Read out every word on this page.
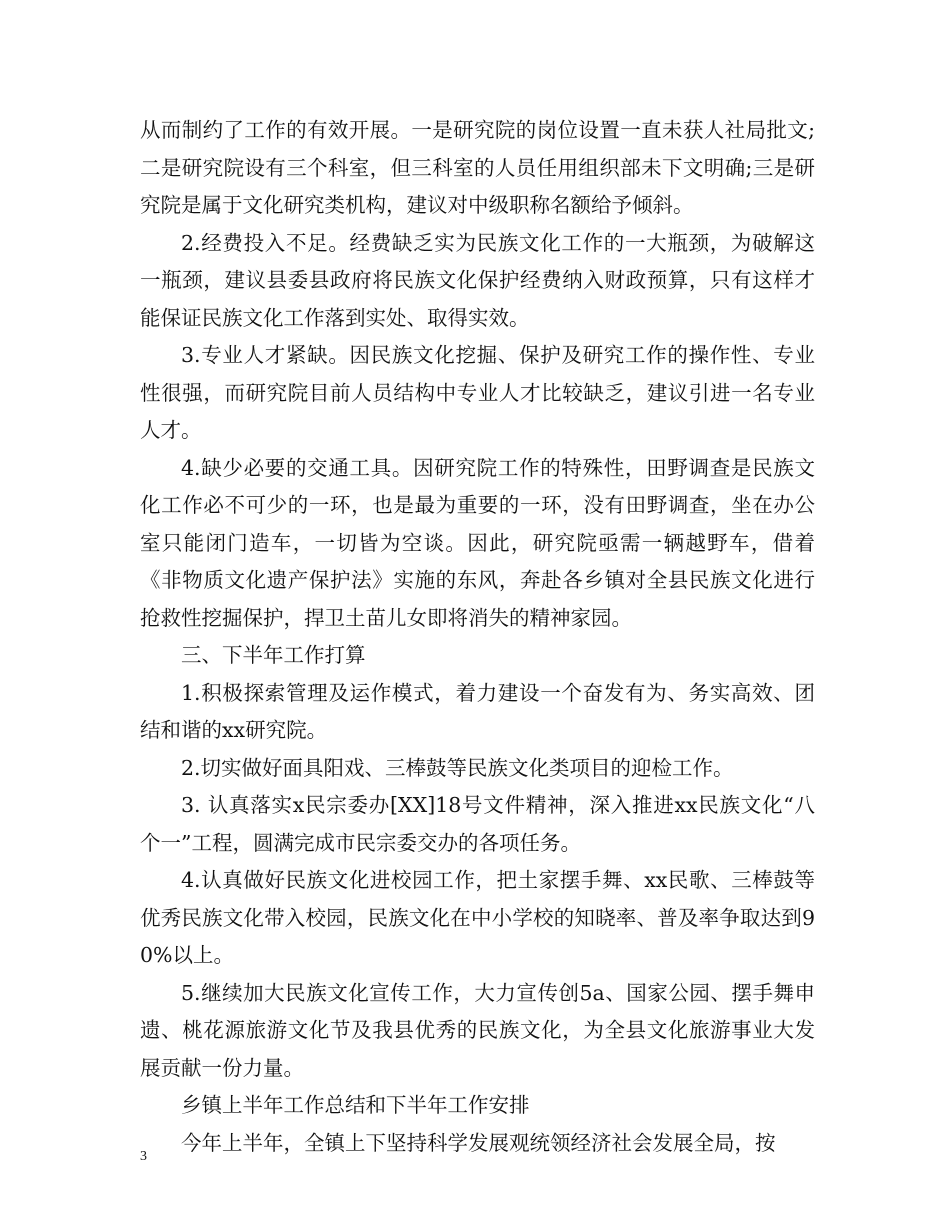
从而制约了工作的有效开展。一是研究院的岗位设置一直未获人社局批文;二是研究院设有三个科室，但三科室的人员任用组织部未下文明确;三是研究院是属于文化研究类机构，建议对中级职称名额给予倾斜。

2.经费投入不足。经费缺乏实为民族文化工作的一大瓶颈，为破解这一瓶颈，建议县委县政府将民族文化保护经费纳入财政预算，只有这样才能保证民族文化工作落到实处、取得实效。

3.专业人才紧缺。因民族文化挖掘、保护及研究工作的操作性、专业性很强，而研究院目前人员结构中专业人才比较缺乏，建议引进一名专业人才。

4.缺少必要的交通工具。因研究院工作的特殊性，田野调查是民族文化工作必不可少的一环，也是最为重要的一环，没有田野调查，坐在办公室只能闭门造车，一切皆为空谈。因此，研究院亟需一辆越野车，借着《非物质文化遗产保护法》实施的东风，奔赴各乡镇对全县民族文化进行抢救性挖掘保护，捍卫土苗儿女即将消失的精神家园。

三、下半年工作打算

1.积极探索管理及运作模式，着力建设一个奋发有为、务实高效、团结和谐的xx研究院。

2.切实做好面具阳戏、三棒鼓等民族文化类项目的迎检工作。

3. 认真落实x民宗委办[XX]18号文件精神，深入推进xx民族文化“八个一”工程，圆满完成市民宗委交办的各项任务。

4.认真做好民族文化进校园工作，把土家摆手舞、xx民歌、三棒鼓等优秀民族文化带入校园，民族文化在中小学校的知晓率、普及率争取达到90%以上。

5.继续加大民族文化宣传工作，大力宣传创5a、国家公园、摆手舞申遗、桃花源旅游文化节及我县优秀的民族文化，为全县文化旅游事业大发展贡献一份力量。

乡镇上半年工作总结和下半年工作安排

今年上半年，全镇上下坚持科学发展观统领经济社会发展全局，按

3
